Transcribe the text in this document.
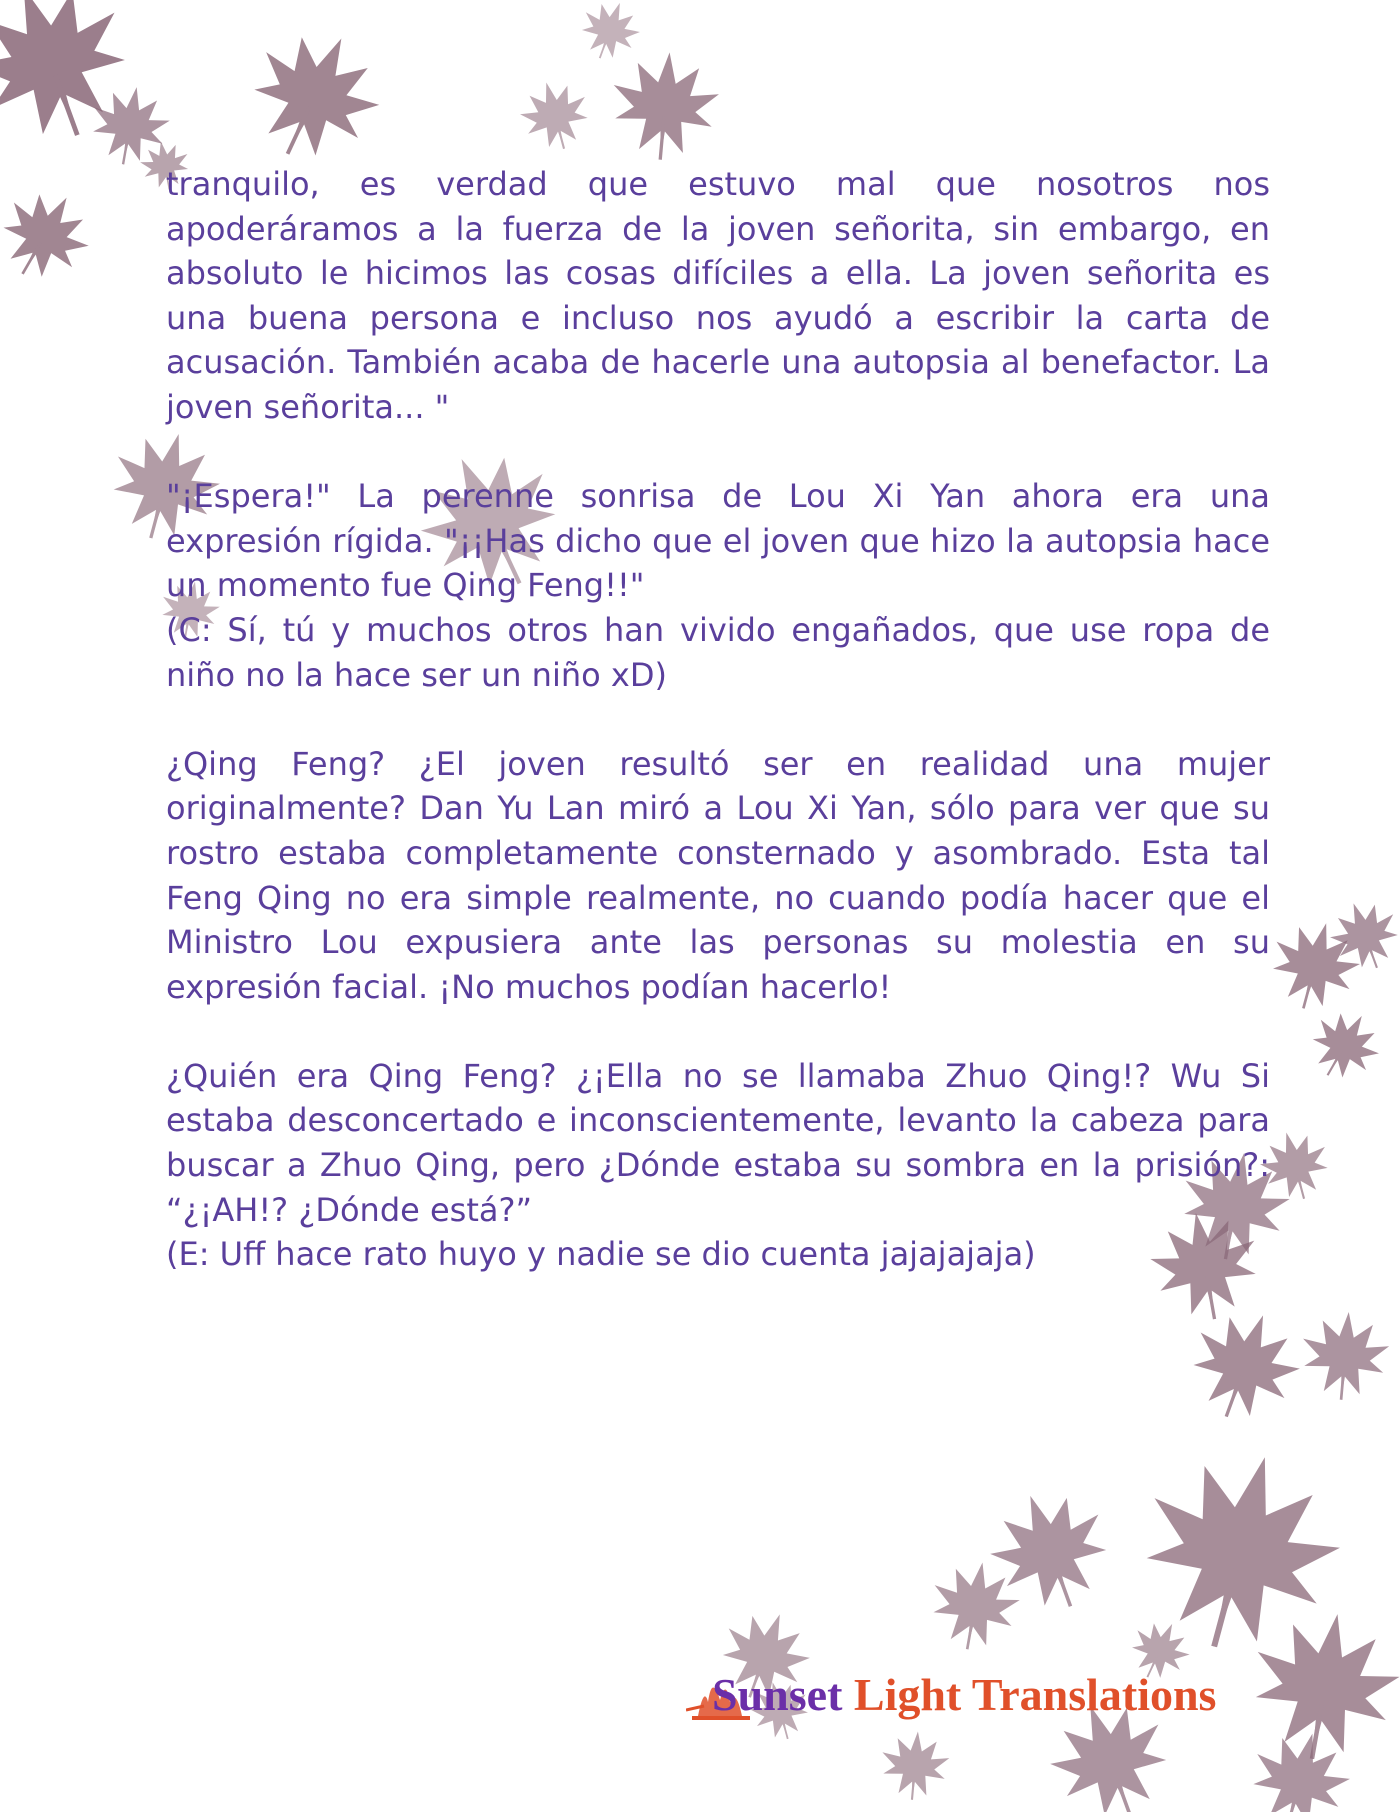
tranquilo, es verdad que estuvo mal que nosotros nos apoderáramos a la fuerza de la joven señorita, sin embargo, en absoluto le hicimos las cosas difíciles a ella. La joven señorita es una buena persona e incluso nos ayudó a escribir la carta de acusación. También acaba de hacerle una autopsia al benefactor. La joven señorita... "

"¡Espera!" La perenne sonrisa de Lou Xi Yan ahora era una expresión rígida. "¡¡Has dicho que el joven que hizo la autopsia hace un momento fue Qing Feng!!"
(C: Sí, tú y muchos otros han vivido engañados, que use ropa de niño no la hace ser un niño xD)

¿Qing Feng? ¿El joven resultó ser en realidad una mujer originalmente? Dan Yu Lan miró a Lou Xi Yan, sólo para ver que su rostro estaba completamente consternado y asombrado. Esta tal Feng Qing no era simple realmente, no cuando podía hacer que el Ministro Lou expusiera ante las personas su molestia en su expresión facial. ¡No muchos podían hacerlo!

¿Quién era Qing Feng? ¿¡Ella no se llamaba Zhuo Qing!? Wu Si estaba desconcertado e inconscientemente, levanto la cabeza para buscar a Zhuo Qing, pero ¿Dónde estaba su sombra en la prisión?: “¿¡AH!? ¿Dónde está?”
(E: Uff hace rato huyo y nadie se dio cuenta jajajajaja)

Sunset Light Translations
